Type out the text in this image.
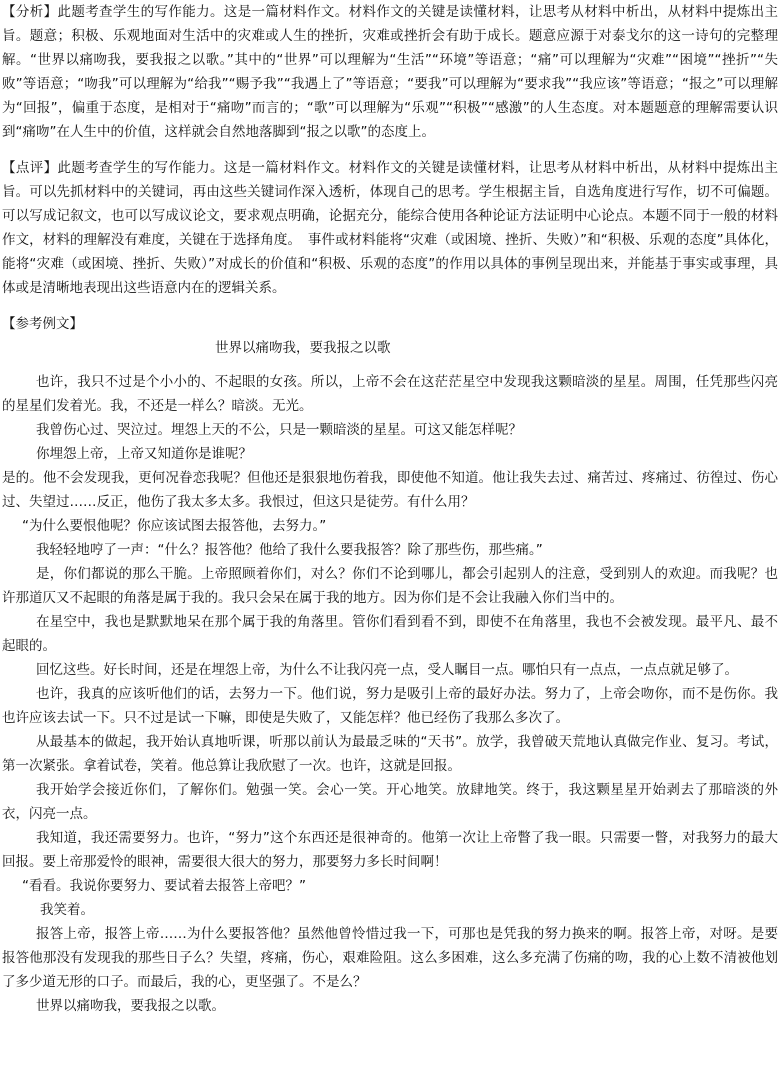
【分析】此题考查学生的写作能力。这是一篇材料作文。材料作文的关键是读懂材料，让思考从材料中析出，从材料中提炼出主旨。题意；积极、乐观地面对生活中的灾难或人生的挫折，灾难或挫折会有助于成长。题意应源于对泰戈尔的这一诗句的完整理解。“世界以痛吻我，要我报之以歌。”其中的“世界”可以理解为“生活”“环境”等语意；“痛”可以理解为“灾难”“困境”“挫折”“失败”等语意；“吻我”可以理解为“给我”“赐予我”“我遇上了”等语意；“要我”可以理解为“要求我”“我应该”等语意；“报之”可以理解为“回报”，偏重于态度，是相对于“痛吻”而言的；“歌”可以理解为“乐观”“积极”“感激”的人生态度。对本题题意的理解需要认识到“痛吻”在人生中的价值，这样就会自然地落脚到“报之以歌”的态度上。

【点评】此题考查学生的写作能力。这是一篇材料作文。材料作文的关键是读懂材料，让思考从材料中析出，从材料中提炼出主旨。可以先抓材料中的关键词，再由这些关键词作深入透析，体现自己的思考。学生根据主旨，自选角度进行写作，切不可偏题。可以写成记叙文，也可以写成议论文，要求观点明确，论据充分，能综合使用各种论证方法证明中心论点。本题不同于一般的材料作文，材料的理解没有难度，关键在于选择角度。　事件或材料能将“灾难（或困境、挫折、失败）”和“积极、乐观的态度”具体化，能将“灾难（或困境、挫折、失败）”对成长的价值和“积极、乐观的态度”的作用以具体的事例呈现出来，并能基于事实或事理，具体或是清晰地表现出这些语意内在的逻辑关系。

【参考例文】

世界以痛吻我，要我报之以歌

也许，我只不过是个小小的、不起眼的女孩。所以，上帝不会在这茫茫星空中发现我这颗暗淡的星星。周围，任凭那些闪亮的星星们发着光。我，不还是一样么？暗淡。无光。

我曾伤心过、哭泣过。埋怨上天的不公，只是一颗暗淡的星星。可这又能怎样呢？

你埋怨上帝，上帝又知道你是谁呢？

是的。他不会发现我，更何况眷恋我呢？但他还是狠狠地伤着我，即使他不知道。他让我失去过、痛苦过、疼痛过、彷徨过、伤心过、失望过……反正，他伤了我太多太多。我恨过，但这只是徒劳。有什么用？

“为什么要恨他呢？你应该试图去报答他，去努力。”

我轻轻地哼了一声：“什么？报答他？他给了我什么要我报答？除了那些伤，那些痛。”

是，你们都说的那么干脆。上帝照顾着你们，对么？你们不论到哪儿，都会引起别人的注意，受到别人的欢迎。而我呢？也许那道仄又不起眼的角落是属于我的。我只会呆在属于我的地方。因为你们是不会让我融入你们当中的。

在星空中，我也是默默地呆在那个属于我的角落里。管你们看到看不到，即使不在角落里，我也不会被发现。最平凡、最不起眼的。

回忆这些。好长时间，还是在埋怨上帝，为什么不让我闪亮一点，受人瞩目一点。哪怕只有一点点，一点点就足够了。

也许，我真的应该听他们的话，去努力一下。他们说，努力是吸引上帝的最好办法。努力了，上帝会吻你，而不是伤你。我也许应该去试一下。只不过是试一下嘛，即使是失败了，又能怎样？他已经伤了我那么多次了。

从最基本的做起，我开始认真地听课，听那以前认为最最乏味的“天书”。放学，我曾破天荒地认真做完作业、复习。考试，第一次紧张。拿着试卷，笑着。他总算让我欣慰了一次。也许，这就是回报。

我开始学会接近你们，了解你们。勉强一笑。会心一笑。开心地笑。放肆地笑。终于，我这颗星星开始剥去了那暗淡的外衣，闪亮一点。

我知道，我还需要努力。也许，“努力”这个东西还是很神奇的。他第一次让上帝瞥了我一眼。只需要一瞥，对我努力的最大回报。要上帝那爱怜的眼神，需要很大很大的努力，那要努力多长时间啊！

“看看。我说你要努力、要试着去报答上帝吧？”

我笑着。

报答上帝，报答上帝……为什么要报答他？虽然他曾怜惜过我一下，可那也是凭我的努力换来的啊。报答上帝，对呀。是要报答他那没有发现我的那些日子么？失望，疼痛，伤心，艰难险阻。这么多困难，这么多充满了伤痛的吻，我的心上数不清被他划了多少道无形的口子。而最后，我的心，更坚强了。不是么？

世界以痛吻我，要我报之以歌。
